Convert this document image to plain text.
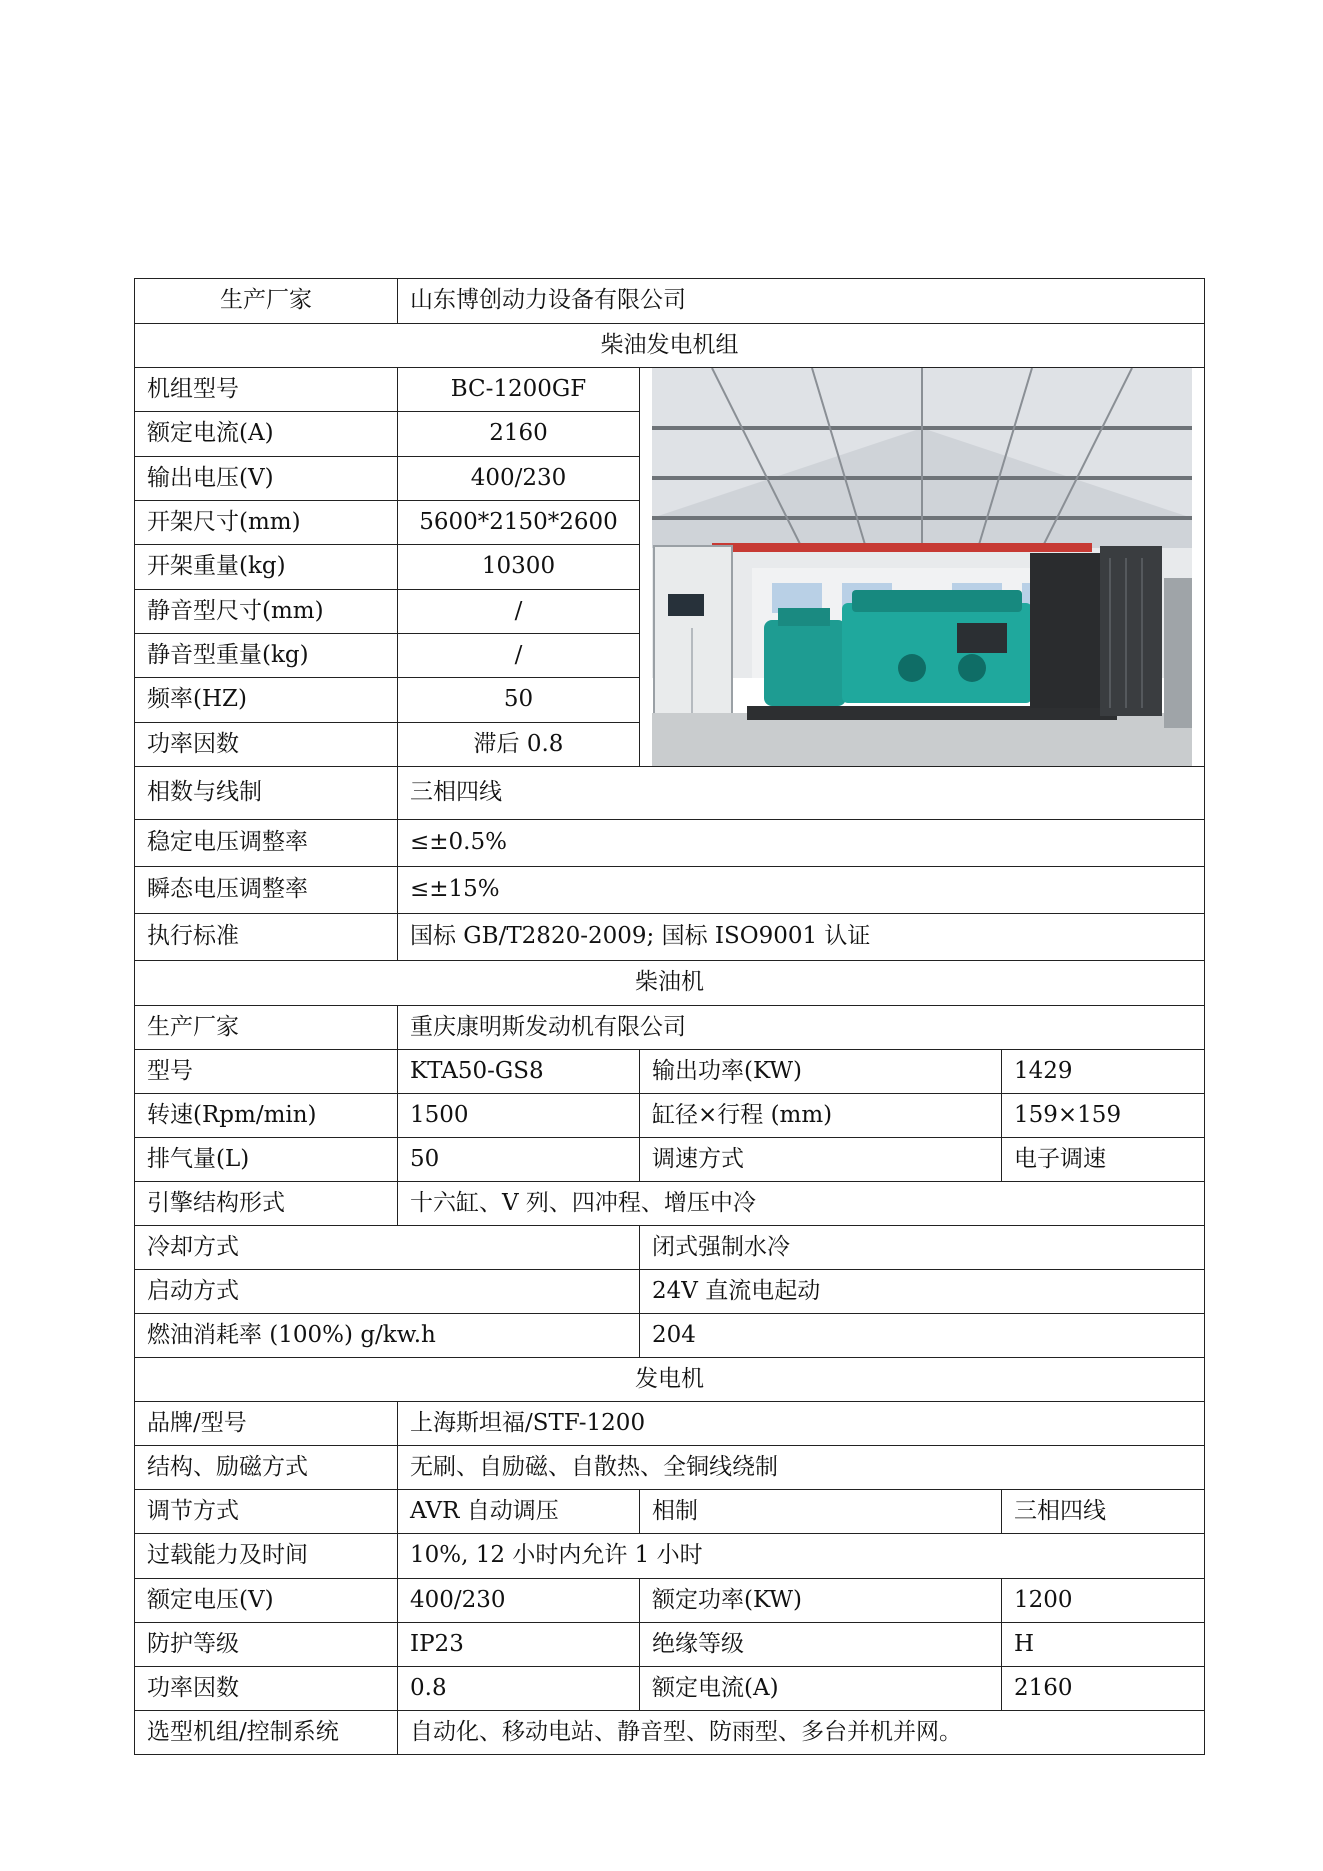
生产厂家	山东博创动力设备有限公司		
柴油发电机组			
机组型号	BC-1200GF	

额定电流(A)	2160		
输出电压(V)	400/230		
开架尺寸(mm)	5600*2150*2600		
开架重量(kg)	10300		
静音型尺寸(mm)	/		
静音型重量(kg)	/		
频率(HZ)	50		
功率因数	滞后 0.8		
相数与线制	三相四线		
稳定电压调整率	≤±0.5%		
瞬态电压调整率	≤±15%		
执行标准	国标 GB/T2820-2009; 国标 ISO9001 认证		
柴油机			
生产厂家	重庆康明斯发动机有限公司		
型号	KTA50-GS8	输出功率(KW)	1429
转速(Rpm/min)	1500	缸径×行程 (mm)	159×159
排气量(L)	50	调速方式	电子调速
引擎结构形式	十六缸、V 列、四冲程、增压中冷		
冷却方式		闭式强制水冷	
启动方式		24V 直流电起动	
燃油消耗率 (100%) g/kw.h		204	
发电机			
品牌/型号	上海斯坦福/STF-1200		
结构、励磁方式	无刷、自励磁、自散热、全铜线绕制		
调节方式	AVR 自动调压	相制	三相四线
过载能力及时间	10%, 12 小时内允许 1 小时		
额定电压(V)	400/230	额定功率(KW)	1200
防护等级	IP23	绝缘等级	H
功率因数	0.8	额定电流(A)	2160
选型机组/控制系统	自动化、移动电站、静音型、防雨型、多台并机并网。		
